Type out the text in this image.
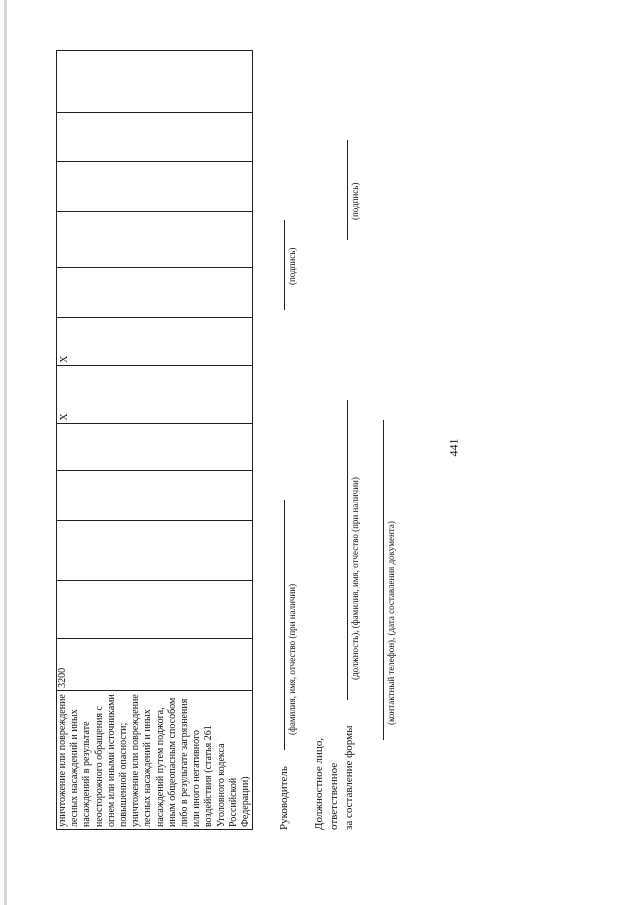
441
уничтожение или повреждение лесных насаждений и иных насаждений в результате неосторожного обращения с огнем или иными источниками повышенной опасности; уничтожение или повреждение лесных насаждений и иных насаждений путем поджога, иным общеопасным способом либо в результате загрязнения или иного негативного воздействия (статья 261 Уголовного кодекса Российской Федерации)
	3200					X	X					
Руководитель
(фамилия, имя, отчество (при наличии)
(подпись)
Должностное лицо, ответственное за составление формы
(должность), (фамилия, имя, отчество (при наличии)
(подпись)
(контактный телефон), (дата составления документа)
